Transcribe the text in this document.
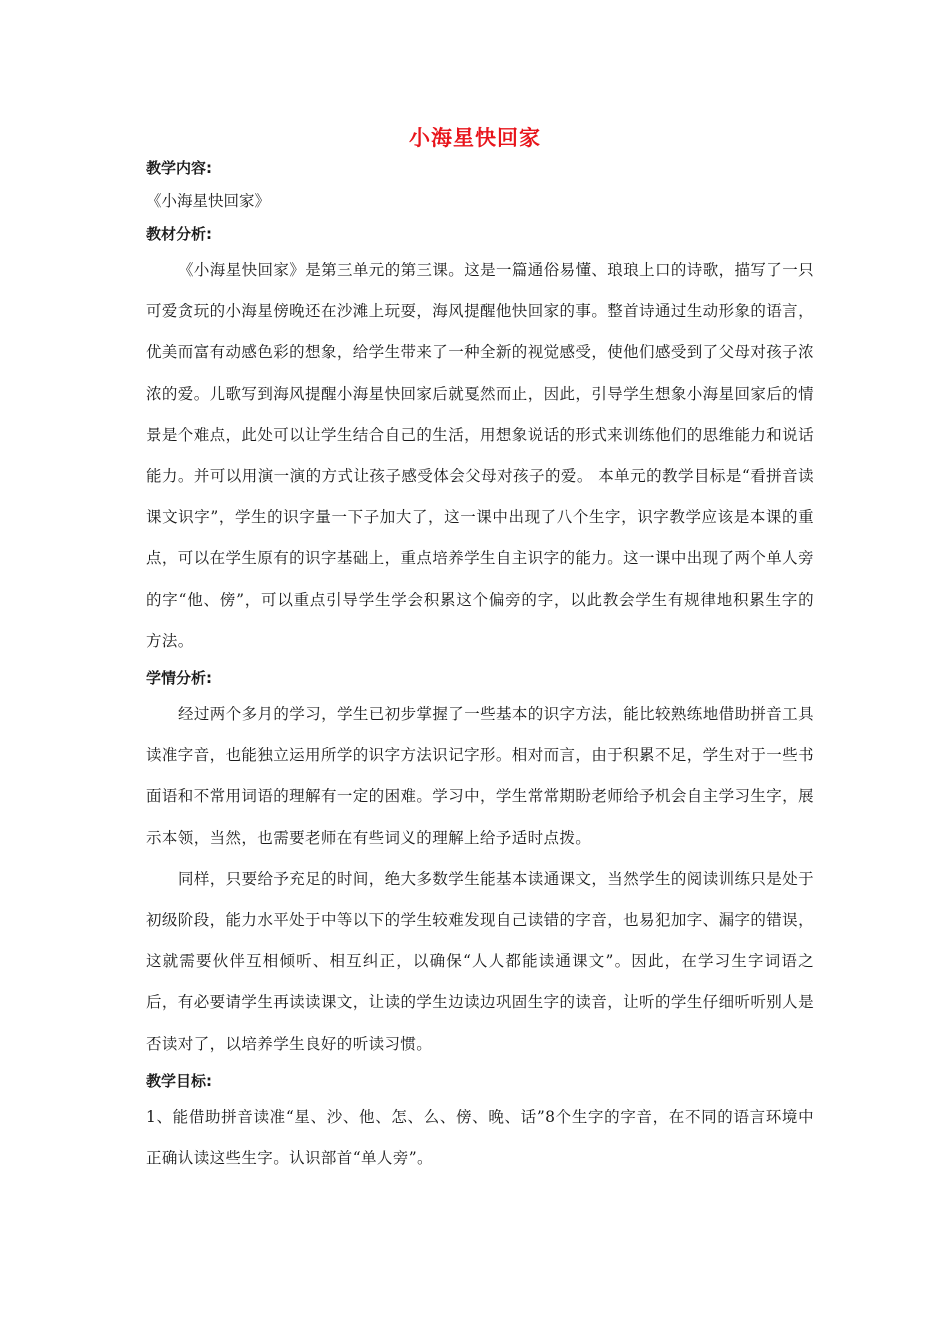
小海星快回家

教学内容:

《小海星快回家》

教材分析:

《小海星快回家》是第三单元的第三课。这是一篇通俗易懂、琅琅上口的诗歌，描写了一只可爱贪玩的小海星傍晚还在沙滩上玩耍，海风提醒他快回家的事。整首诗通过生动形象的语言，优美而富有动感色彩的想象，给学生带来了一种全新的视觉感受，使他们感受到了父母对孩子浓浓的爱。儿歌写到海风提醒小海星快回家后就戛然而止，因此，引导学生想象小海星回家后的情景是个难点，此处可以让学生结合自己的生活，用想象说话的形式来训练他们的思维能力和说话能力。并可以用演一演的方式让孩子感受体会父母对孩子的爱。 本单元的教学目标是“看拼音读课文识字”，学生的识字量一下子加大了，这一课中出现了八个生字，识字教学应该是本课的重点，可以在学生原有的识字基础上，重点培养学生自主识字的能力。这一课中出现了两个单人旁的字“他、傍”，可以重点引导学生学会积累这个偏旁的字，以此教会学生有规律地积累生字的方法。

学情分析:

经过两个多月的学习，学生已初步掌握了一些基本的识字方法，能比较熟练地借助拼音工具读准字音，也能独立运用所学的识字方法识记字形。相对而言，由于积累不足，学生对于一些书面语和不常用词语的理解有一定的困难。学习中，学生常常期盼老师给予机会自主学习生字，展示本领，当然，也需要老师在有些词义的理解上给予适时点拨。

同样，只要给予充足的时间，绝大多数学生能基本读通课文，当然学生的阅读训练只是处于初级阶段，能力水平处于中等以下的学生较难发现自己读错的字音，也易犯加字、漏字的错误，这就需要伙伴互相倾听、相互纠正，以确保“人人都能读通课文”。因此，在学习生字词语之后，有必要请学生再读读课文，让读的学生边读边巩固生字的读音，让听的学生仔细听听别人是否读对了，以培养学生良好的听读习惯。

教学目标:

1、能借助拼音读准“星、沙、他、怎、么、傍、晚、话”8个生字的字音，在不同的语言环境中正确认读这些生字。认识部首“单人旁”。
